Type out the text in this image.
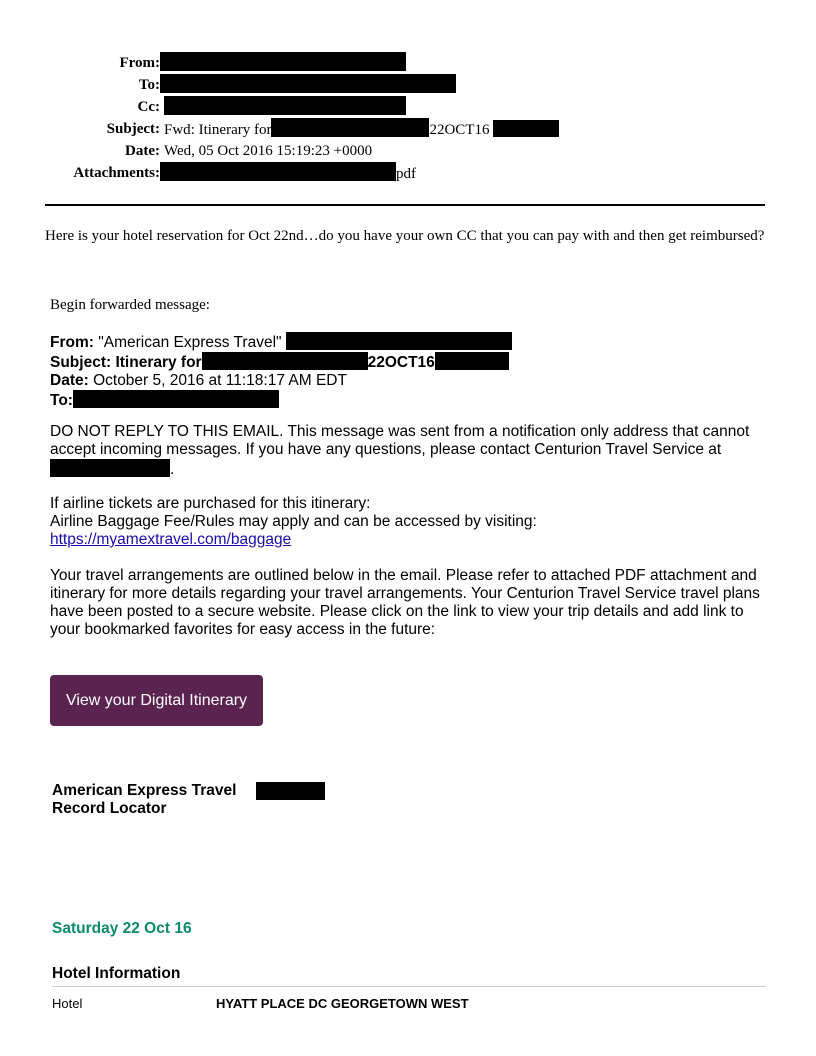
From:
To:
Cc:
Subject: Fwd: Itinerary for	22OCT16
Date: Wed, 05 Oct 2016 15:19:23 +0000
Attachments:	pdf
Here is your hotel reservation for Oct 22nd…do you have your own CC that you can pay with and then get reimbursed?
Begin forwarded message:
From: "American Express Travel"
Subject: Itinerary for	22OCT16
Date: October 5, 2016 at 11:18:17 AM EDT
To:
DO NOT REPLY TO THIS EMAIL. This message was sent from a notification only address that cannot accept incoming messages. If you have any questions, please contact Centurion Travel Service at.
If airline tickets are purchased for this itinerary:
Airline Baggage Fee/Rules may apply and can be accessed by visiting:
https://myamextravel.com/baggage
Your travel arrangements are outlined below in the email. Please refer to attached PDF attachment and itinerary for more details regarding your travel arrangements. Your Centurion Travel Service travel plans have been posted to a secure website. Please click on the link to view your trip details and add link to your bookmarked favorites for easy access in the future:
View your Digital Itinerary
American Express Travel
Record Locator
Saturday 22 Oct 16
Hotel Information
Hotel	HYATT PLACE DC GEORGETOWN WEST
